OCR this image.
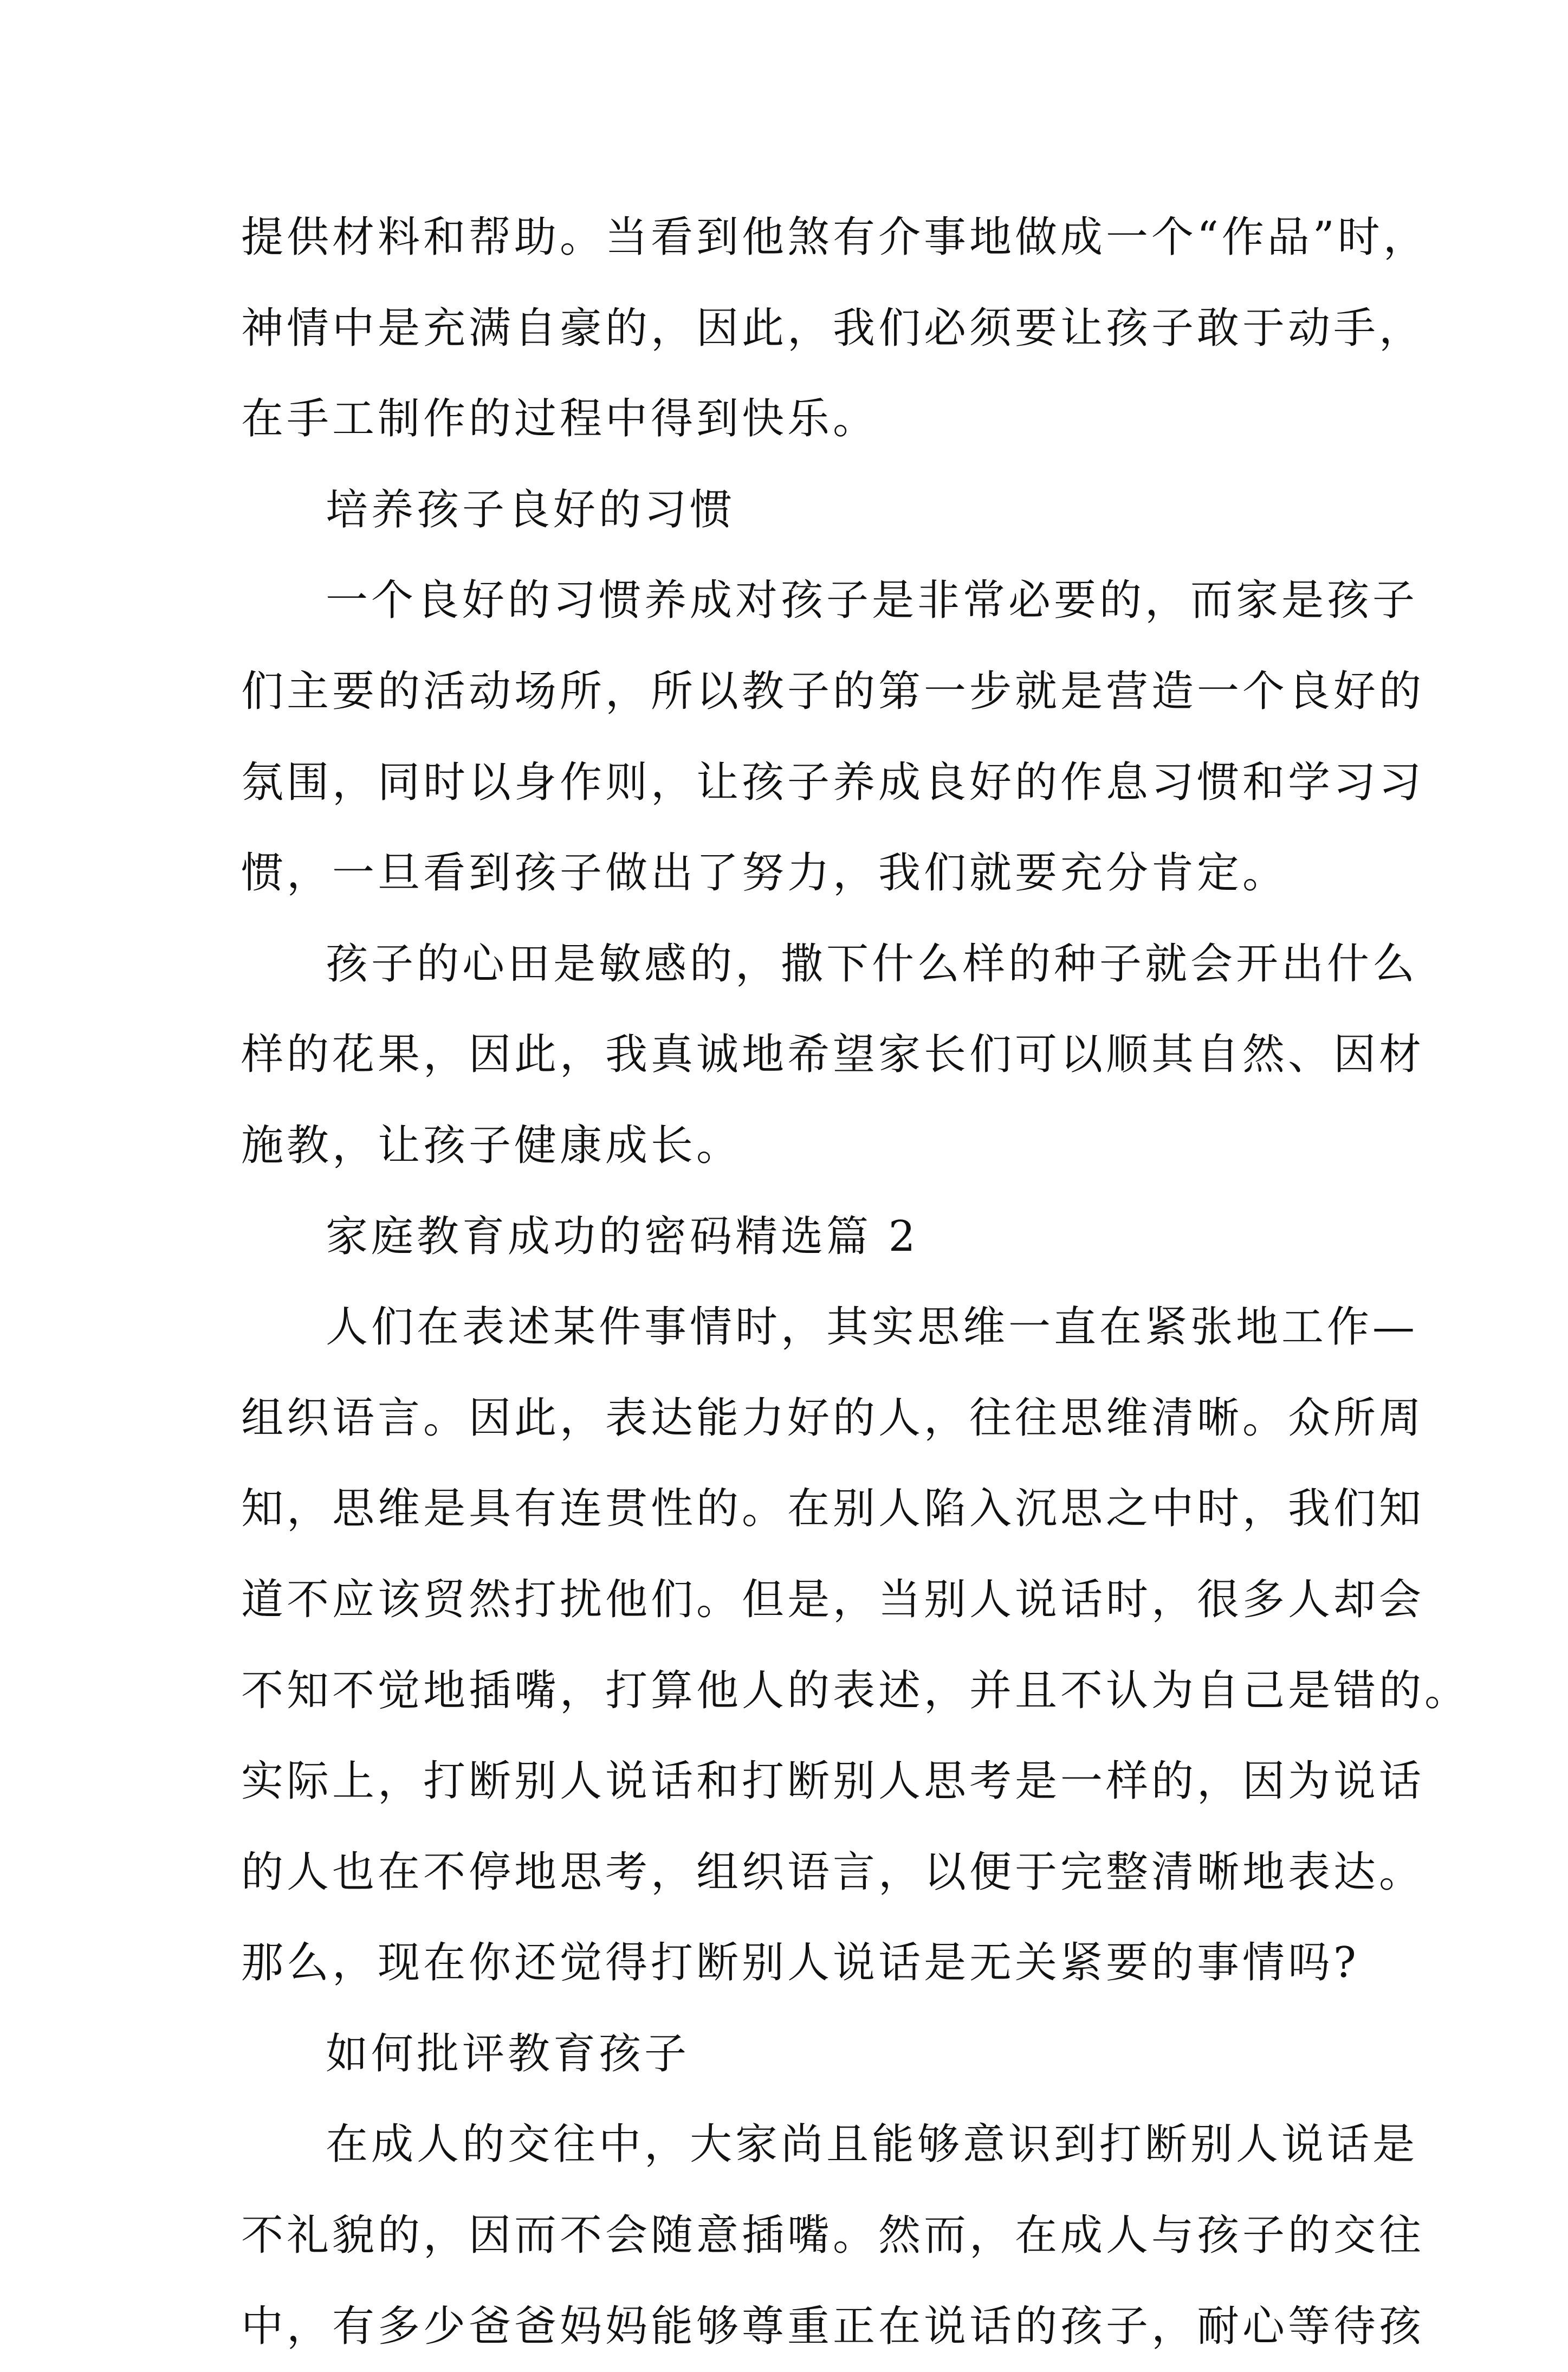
提供材料和帮助。当看到他煞有介事地做成一个“作品”时，
神情中是充满自豪的，因此，我们必须要让孩子敢于动手，
在手工制作的过程中得到快乐。
培养孩子良好的习惯
一个良好的习惯养成对孩子是非常必要的，而家是孩子
们主要的活动场所，所以教子的第一步就是营造一个良好的
氛围，同时以身作则，让孩子养成良好的作息习惯和学习习
惯，一旦看到孩子做出了努力，我们就要充分肯定。
孩子的心田是敏感的，撒下什么样的种子就会开出什么
样的花果，因此，我真诚地希望家长们可以顺其自然、因材
施教，让孩子健康成长。
家庭教育成功的密码精选篇 2
人们在表述某件事情时，其实思维一直在紧张地工作—
组织语言。因此，表达能力好的人，往往思维清晰。众所周
知，思维是具有连贯性的。在别人陷入沉思之中时，我们知
道不应该贸然打扰他们。但是，当别人说话时，很多人却会
不知不觉地插嘴，打算他人的表述，并且不认为自己是错的。
实际上，打断别人说话和打断别人思考是一样的，因为说话
的人也在不停地思考，组织语言，以便于完整清晰地表达。
那么，现在你还觉得打断别人说话是无关紧要的事情吗?
如何批评教育孩子
在成人的交往中，大家尚且能够意识到打断别人说话是
不礼貌的，因而不会随意插嘴。然而，在成人与孩子的交往
中，有多少爸爸妈妈能够尊重正在说话的孩子，耐心等待孩
